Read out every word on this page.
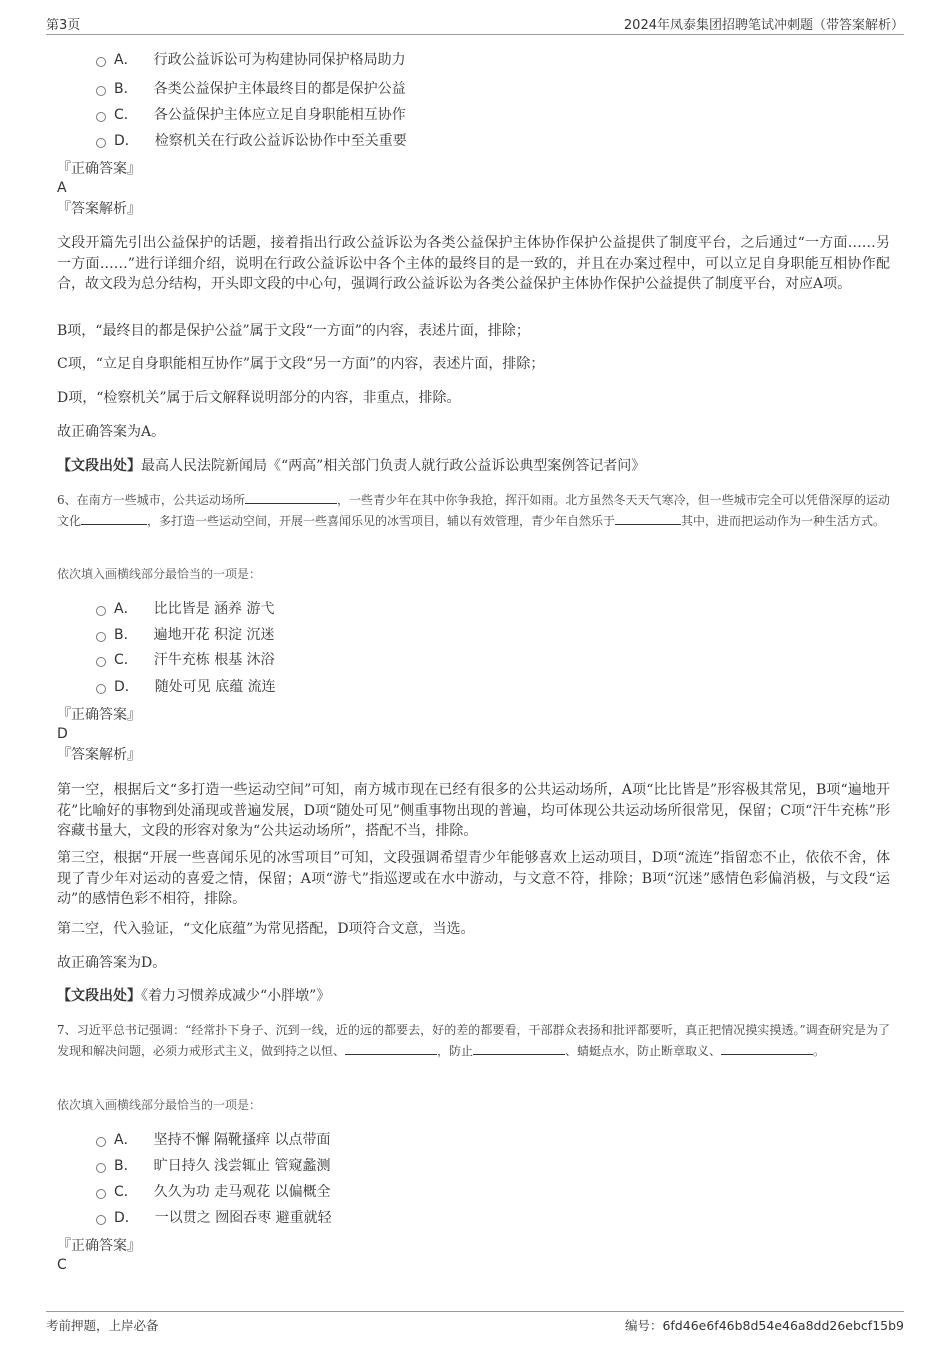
第3页	2024年凤泰集团招聘笔试冲刺题（带答案解析）
A． 行政公益诉讼可为构建协同保护格局助力
B． 各类公益保护主体最终目的都是保护公益
C． 各公益保护主体应立足自身职能相互协作
D． 检察机关在行政公益诉讼协作中至关重要
『正确答案』
A
『答案解析』
文段开篇先引出公益保护的话题，接着指出行政公益诉讼为各类公益保护主体协作保护公益提供了制度平台，之后通过“一方面……另一方面……”进行详细介绍，说明在行政公益诉讼中各个主体的最终目的是一致的，并且在办案过程中，可以立足自身职能互相协作配合，故文段为总分结构，开头即文段的中心句，强调行政公益诉讼为各类公益保护主体协作保护公益提供了制度平台，对应A项。
B项，“最终目的都是保护公益”属于文段“一方面”的内容，表述片面，排除；
C项，“立足自身职能相互协作”属于文段“另一方面”的内容，表述片面，排除；
D项，“检察机关”属于后文解释说明部分的内容，非重点，排除。
故正确答案为A。
【文段出处】最高人民法院新闻局《“两高”相关部门负责人就行政公益诉讼典型案例答记者问》
6、在南方一些城市，公共运动场所	，一些青少年在其中你争我抢，挥汗如雨。北方虽然冬天天气寒冷，但一些城市完全可以凭借深厚的运动文化	，多打造一些运动空间，开展一些喜闻乐见的冰雪项目，辅以有效管理，青少年自然乐于	其中，进而把运动作为一种生活方式。
依次填入画横线部分最恰当的一项是：
A． 比比皆是 涵养 游弋
B． 遍地开花 积淀 沉迷
C． 汗牛充栋 根基 沐浴
D． 随处可见 底蕴 流连
『正确答案』
D
『答案解析』
第一空，根据后文“多打造一些运动空间”可知，南方城市现在已经有很多的公共运动场所，A项“比比皆是”形容极其常见，B项“遍地开花”比喻好的事物到处涌现或普遍发展，D项“随处可见”侧重事物出现的普遍，均可体现公共运动场所很常见，保留；C项“汗牛充栋”形容藏书量大，文段的形容对象为“公共运动场所”，搭配不当，排除。
第三空，根据“开展一些喜闻乐见的冰雪项目”可知，文段强调希望青少年能够喜欢上运动项目，D项“流连”指留恋不止，依依不舍，体现了青少年对运动的喜爱之情，保留；A项“游弋”指巡逻或在水中游动，与文意不符，排除；B项“沉迷”感情色彩偏消极，与文段“运动”的感情色彩不相符，排除。
第二空，代入验证，“文化底蕴”为常见搭配，D项符合文意，当选。
故正确答案为D。
【文段出处】《着力习惯养成减少“小胖墩”》
7、习近平总书记强调：“经常扑下身子、沉到一线，近的远的都要去，好的差的都要看，干部群众表扬和批评都要听，真正把情况摸实摸透。”调查研究是为了发现和解决问题，必须力戒形式主义，做到持之以恒、	，防止	、蜻蜓点水，防止断章取义、	。
依次填入画横线部分最恰当的一项是：
A． 坚持不懈 隔靴搔痒 以点带面
B． 旷日持久 浅尝辄止 管窥蠡测
C． 久久为功 走马观花 以偏概全
D． 一以贯之 囫囵吞枣 避重就轻
『正确答案』
C
考前押题，上岸必备	编号：6fd46e6f46b8d54e46a8dd26ebcf15b9
